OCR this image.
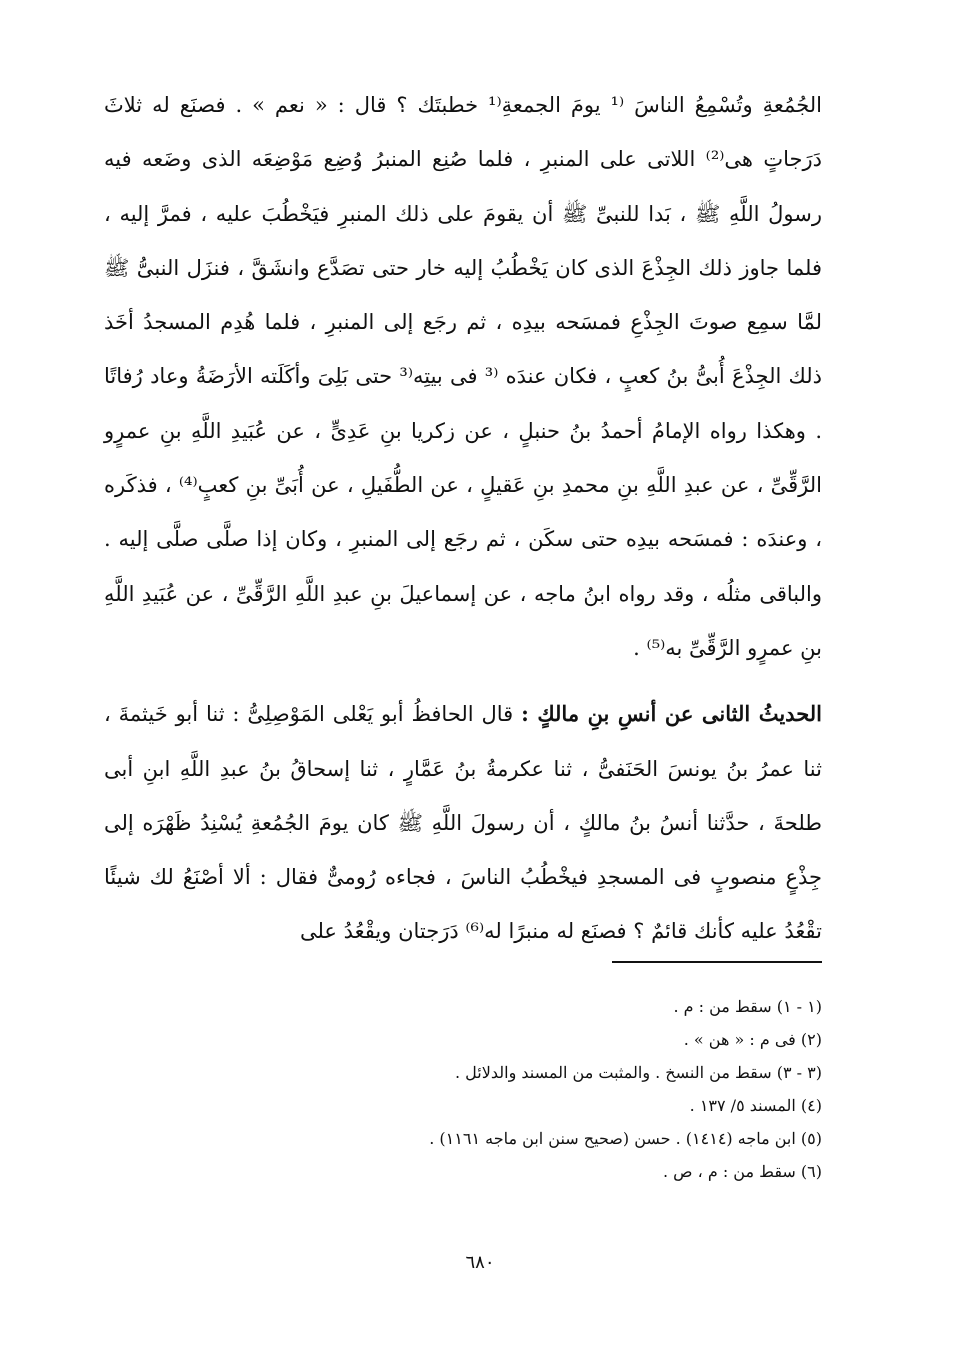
الجُمُعةِ وتُسْمِعُ الناسَ ⁽¹ يومَ الجمعةِ⁽¹ خطبتَك ؟ قال : « نعم » . فصنَع له ثلاثَ دَرَجاتٍ هى⁽²⁾ اللاتى على المنبرِ ، فلما صُنِع المنبرُ وُضِع مَوْضِعَه الذى وضَعه فيه رسولُ اللَّهِ ﷺ ، بَدا للنبىِّ ﷺ أن يقومَ على ذلك المنبرِ فيَخْطُبَ عليه ، فمرَّ إليه ، فلما جاوز ذلك الجِذْعَ الذى كان يَخْطُبُ إليه خار حتى تصَدَّع وانشَقَّ ، فنزَل النبىُّ ﷺ لمَّا سمِع صوتَ الجِذْعِ فمسَحه بيدِه ، ثم رجَع إلى المنبرِ ، فلما هُدِم المسجدُ أخَذ ذلك الجِذْعَ أُبىُّ بنُ كعبٍ ، فكان عندَه ⁽³ فى بيتِه⁽³ حتى بَلِىَ وأكَلَته الأرَضَةُ وعاد رُفاتًا . وهكذا رواه الإمامُ أحمدُ بنُ حنبلٍ ، عن زكريا بنِ عَدِىٍّ ، عن عُبَيدِ اللَّهِ بنِ عمرٍو الرَّقِّىِّ ، عن عبدِ اللَّهِ بنِ محمدِ بنِ عَقيلٍ ، عن الطُّفَيلِ ، عن أُبَىِّ بنِ كعبٍ⁽⁴⁾ ، فذكَره ، وعندَه : فمسَحه بيدِه حتى سكَن ، ثم رجَع إلى المنبرِ ، وكان إذا صلَّى صلَّى إليه . والباقى مثلُه ، وقد رواه ابنُ ماجه ، عن إسماعيلَ بنِ عبدِ اللَّهِ الرَّقِّىِّ ، عن عُبَيدِ اللَّهِ بنِ عمرٍو الرَّقِّىِّ به⁽⁵⁾ .

الحديثُ الثانى عن أنسِ بنِ مالكٍ : قال الحافظُ أبو يَعْلى المَوْصِلِىُّ : ثنا أبو خَيثمةَ ، ثنا عمرُ بنُ يونسَ الحَنَفىُّ ، ثنا عكرمةُ بنُ عَمَّارٍ ، ثنا إسحاقُ بنُ عبدِ اللَّهِ ابنِ أبى طلحةَ ، حدَّثنا أنسُ بنُ مالكٍ ، أن رسولَ اللَّهِ ﷺ كان يومَ الجُمُعةِ يُسْنِدُ ظَهْرَه إلى جِذْعٍ منصوبٍ فى المسجدِ فيخْطُبُ الناسَ ، فجاءه رُومىٌّ فقال : ألا أصْنَعُ لك شيئًا تقْعُدُ عليه كأنك قائمٌ ؟ فصنَع له منبرًا له⁽⁶⁾ دَرَجتان ويقْعُدُ على

(١ - ١) سقط من : م .
(٢) فى م : « هن » .
(٣ - ٣) سقط من النسخ . والمثبت من المسند والدلائل .
(٤) المسند ٥/ ١٣٧ .
(٥) ابن ماجه (١٤١٤) . حسن (صحيح سنن ابن ماجه ١١٦١) .
(٦) سقط من : م ، ص .
٦٨٠
